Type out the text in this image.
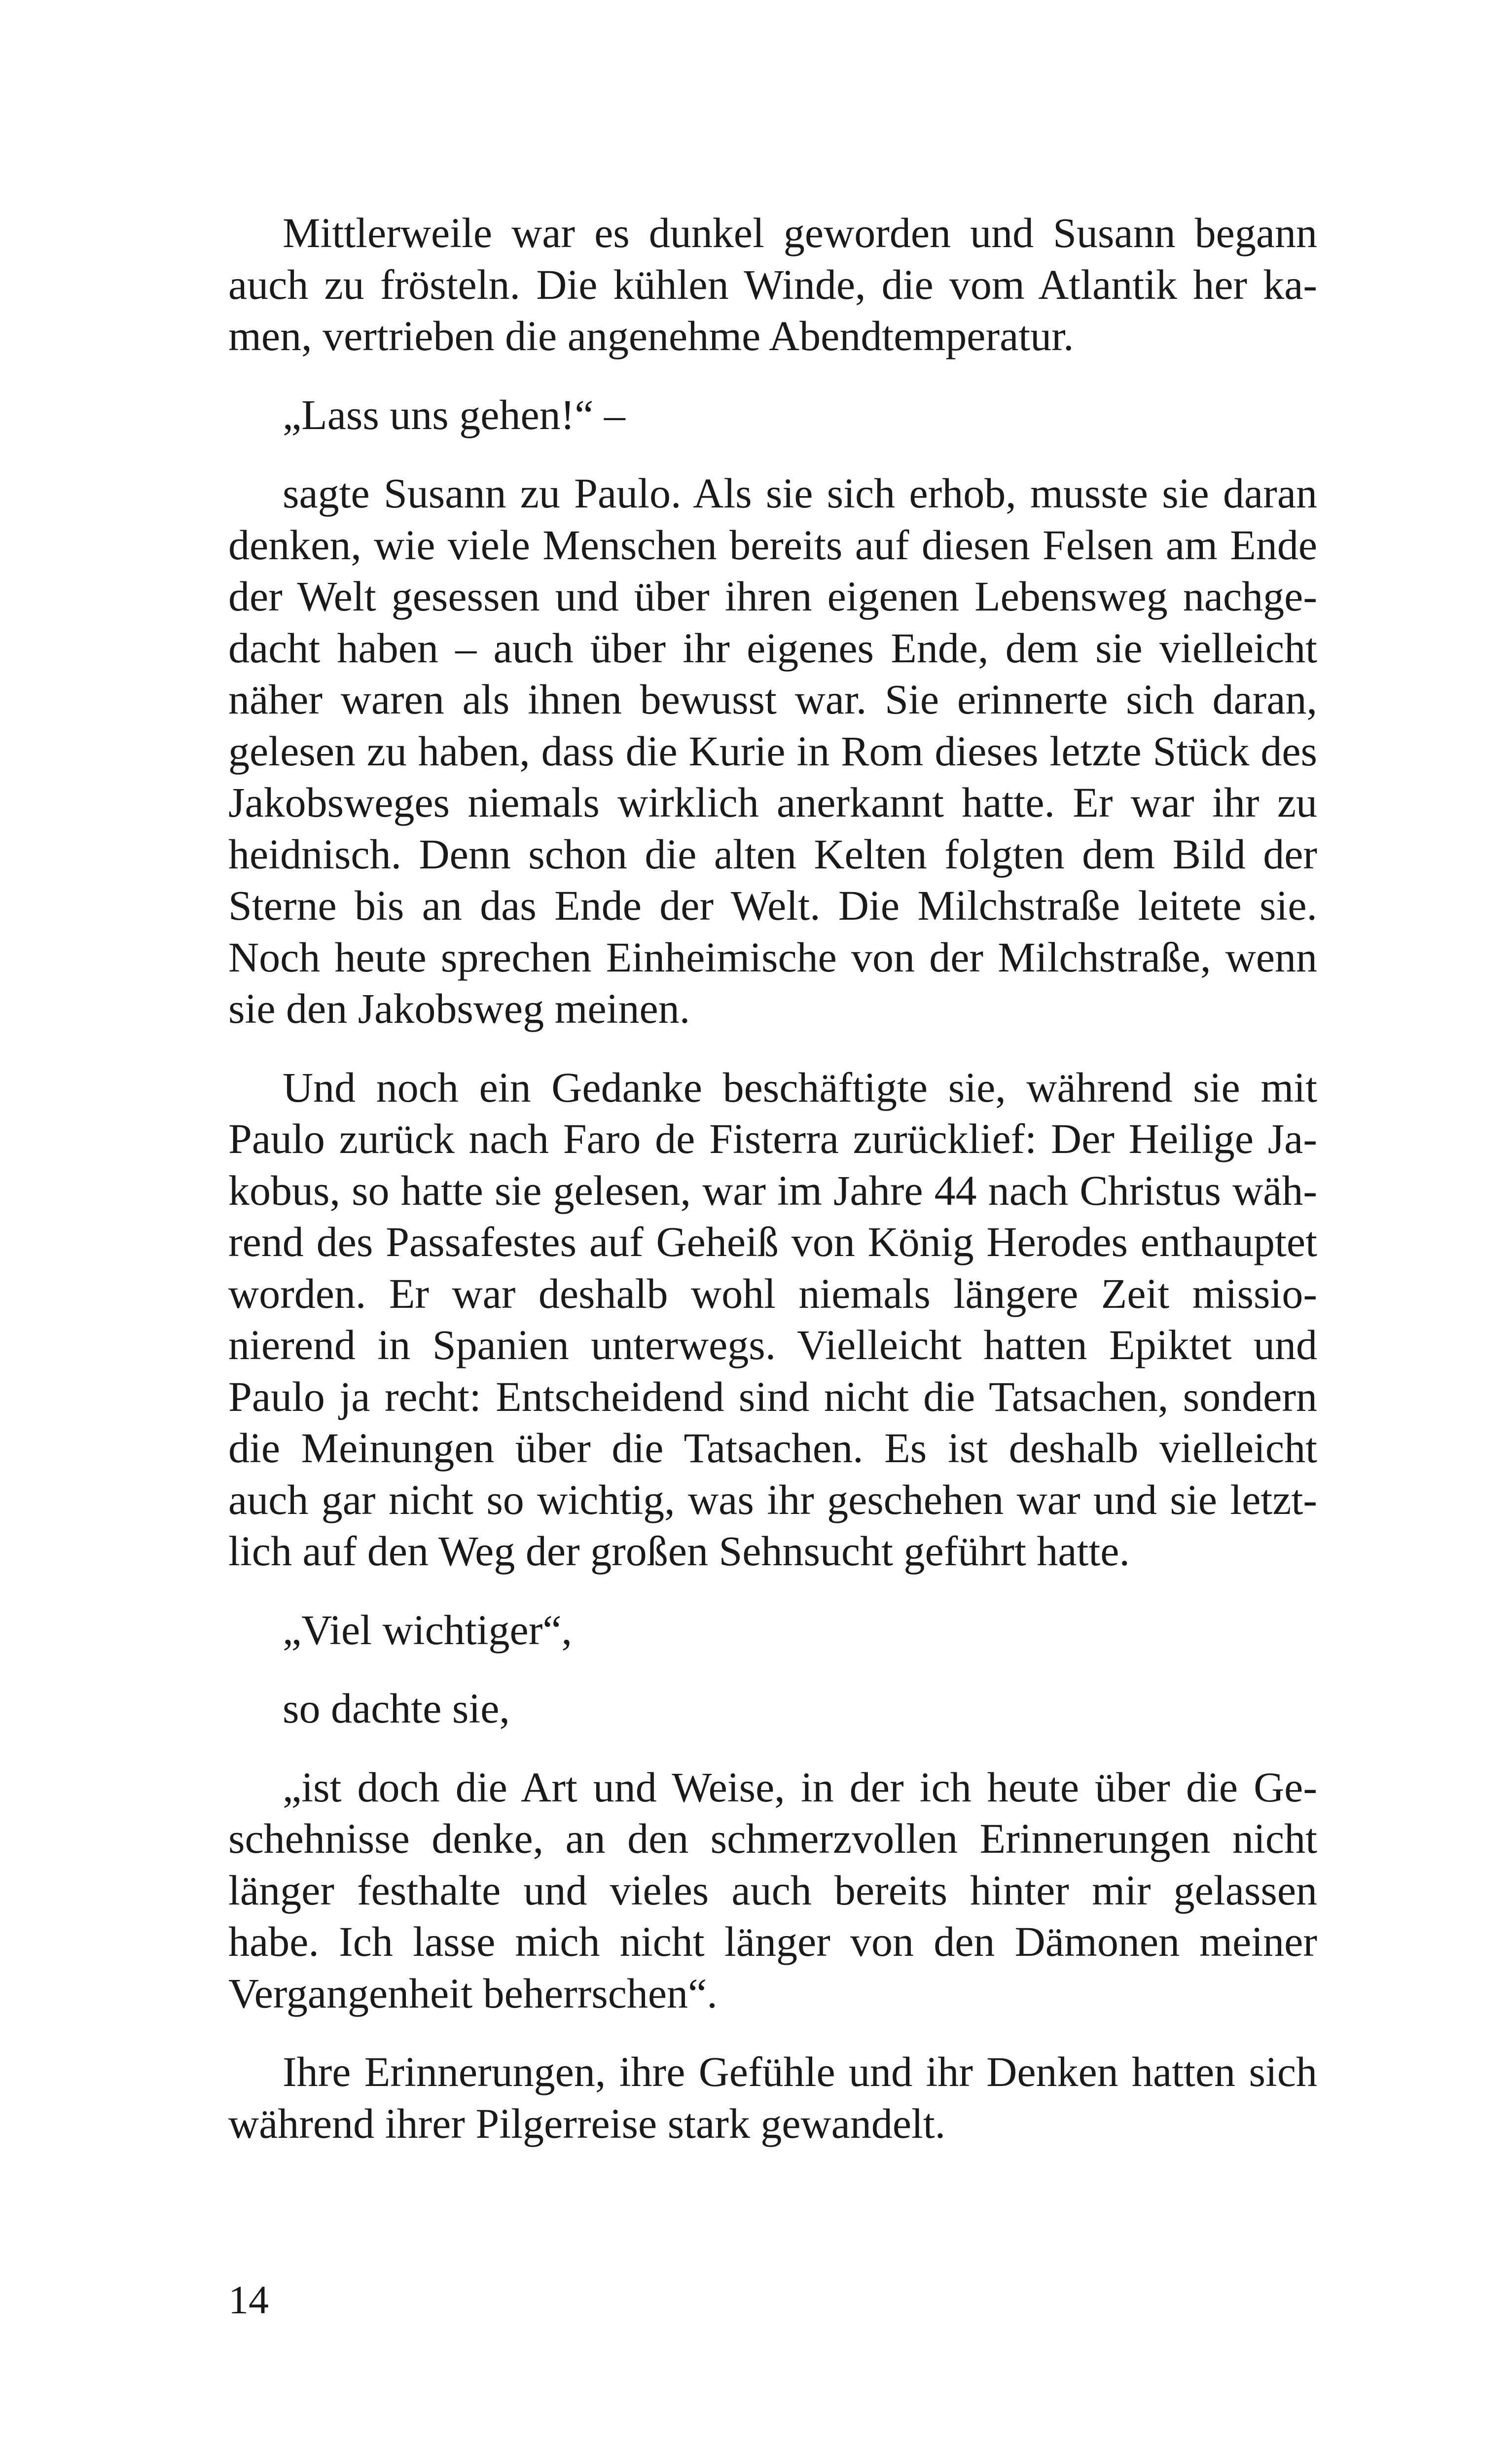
Mittlerweile war es dunkel geworden und Susann begann auch zu frösteln. Die kühlen Winde, die vom Atlantik her kamen, vertrieben die angenehme Abendtemperatur.

„Lass uns gehen!“ –

sagte Susann zu Paulo. Als sie sich erhob, musste sie daran denken, wie viele Menschen bereits auf diesen Felsen am Ende der Welt gesessen und über ihren eigenen Lebensweg nachgedacht haben – auch über ihr eigenes Ende, dem sie vielleicht näher waren als ihnen bewusst war. Sie erinnerte sich daran, gelesen zu haben, dass die Kurie in Rom dieses letzte Stück des Jakobsweges niemals wirklich anerkannt hatte. Er war ihr zu heidnisch. Denn schon die alten Kelten folgten dem Bild der Sterne bis an das Ende der Welt. Die Milchstraße leitete sie. Noch heute sprechen Einheimische von der Milchstraße, wenn sie den Jakobsweg meinen.

Und noch ein Gedanke beschäftigte sie, während sie mit Paulo zurück nach Faro de Fisterra zurücklief: Der Heilige Jakobus, so hatte sie gelesen, war im Jahre 44 nach Christus während des Passafestes auf Geheiß von König Herodes enthauptet worden. Er war deshalb wohl niemals längere Zeit missionierend in Spanien unterwegs. Vielleicht hatten Epiktet und Paulo ja recht: Entscheidend sind nicht die Tatsachen, sondern die Meinungen über die Tatsachen. Es ist deshalb vielleicht auch gar nicht so wichtig, was ihr geschehen war und sie letztlich auf den Weg der großen Sehnsucht geführt hatte.

„Viel wichtiger“,

so dachte sie,

„ist doch die Art und Weise, in der ich heute über die Geschehnisse denke, an den schmerzvollen Erinnerungen nicht länger festhalte und vieles auch bereits hinter mir gelassen habe. Ich lasse mich nicht länger von den Dämonen meiner Vergangenheit beherrschen“.

Ihre Erinnerungen, ihre Gefühle und ihr Denken hatten sich während ihrer Pilgerreise stark gewandelt.

14
